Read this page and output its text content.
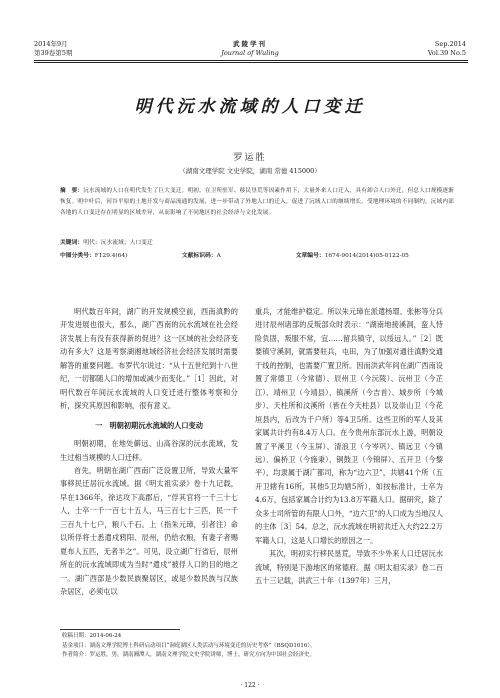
2014年9月
第39卷第5期
武陵学刊
Journal of Wuling
Sep.2014
Vol.39 No.5
明代沅水流域的人口变迁
罗运胜
（湖南文理学院 文史学院，湖南 常德 415000）
摘　要：沅水流域的人口在明代发生了巨大变迁。明初，在卫所驻军、移民垦荒等因素作用下，大量外来人口迁入，具有卸合人口外迁，但总人口规模逐渐恢复。明中叶后，河谷平原的土地开发与商品流通的发展，进一步带动了外地人口的迁入，促进了沅域人口的继续增长。受地理环境的不同制约，沅域内部各地的人口变迁存在明显的区域差异，从而影响了不同地区的社会经济与文化发展。
关键词：明代；沅水流域；人口变迁
中图分类号：F129.4(64)	文献标识码：A	文章编号：1674-9014(2014)05-0122-05

明代数百年间，湖广的开发规模空前，西南滇黔的开发进展也很大，那么，湖广西南的沅水流域在社会经济发展上有没有获得新的促进？这一区域的社会经济变动有多大？这是考察湖湘地域经济社会经济发展时需要解答的重要问题。布罗代尔说过：“从十五世纪到十八世纪，一切都随人口的增加或减少而变化。”［1］因此，对明代数百年间沅水流域的人口变迁进行整体考察和分析，探究其原因和影响，很有意义。

一　明朝初期沅水流域的人口变动

明朝初期，在地处僻远、山高谷深的沅水流域，发生过相当规模的人口迁移。

首先，明朝在湖广西南广泛设置卫所，导致大量军事移民迁居沅水流域。据《明太祖实录》卷十九记载，早在1366年，徐达攻下高郡后，“俘其官将一千三十七人，士卒一千一百七十五人，马三百七十三匹，民一千三百九十七户，粮八千石。上（指朱元璋，引者注）命以所俘将士悉遣戍鸦阳、辰州，仍给衣粮，有妻子者赐夏布人五匹，无者半之”。可见，设立湖广行省后，辰州所在的沅水流域即成为当时“遣戍”被俘人口的目的地之一。湖广西部是少数民族聚居区，或是少数民族与汉族杂居区，必须屯以

重兵，才能维护稳定。所以朱元璋在派遣杨璟、张彬等分兵进讨辰州诸部的反叛部众时表示：“湖南地接溪洞，蛮人恃险负固，叛服不常，宜……留兵镇守，以绥远人。”［2］既要镇守溪洞，就需要驻兵，屯田，为了加强对通往滇黔交通干线的控制，也需要广置卫所。因而洪武年间在湖广西南设置了常德卫（今常德）、辰州卫（今沅陵）、沅州卫（今芷江）、靖州卫（今靖县）、镇溪所（今吉首）、城步所（今城步）、天柱所和汶溪所（皆在今天柱县）以及崇山卫（今花垣县内，后改为千户所）等4卫5所。这些卫所的军人及其家属共计约有8.4万人口。在今贵州东部沅水上游，明朝设置了平溪卫（今玉屏）、清浪卫（今岑巩）、镇远卫（今镇远）、偏桥卫（今施秉）、铜鼓卫（今锦屏）、五开卫（今黎平），均隶属于湖广都司，称为“边六卫”，共辖41个所（五开卫辖有16所，其他5卫均辖5所），如按标准计，士卒为4.6万，包括家属合计约为13.8万军籍人口。据研究，除了众多士司所管的有限人口外，“边六卫”的人口成为当地汉人的主体［3］54。总之，沅水流域在明初共迁入大约22.2万军籍人口，这是人口增长的原因之一。

其次，明初实行移民垦荒，导致不少外来人口迁居沅水流域，特别是下游地区的常德府。据《明太祖实录》卷二百五十三记载，洪武三十年（1397年）三月，

收稿日期：2014-06-24
基金项目：湖南文理学院博士科研启动项目“洞庭湖区人类活动与环境变迁的历史考察”（BSQD1016）。
作者简介：罗运胜，男，湖南湘潭人，湖南文理学院文史学院讲师，博士，研究方向为中国社会经济史。
· 122 ·
